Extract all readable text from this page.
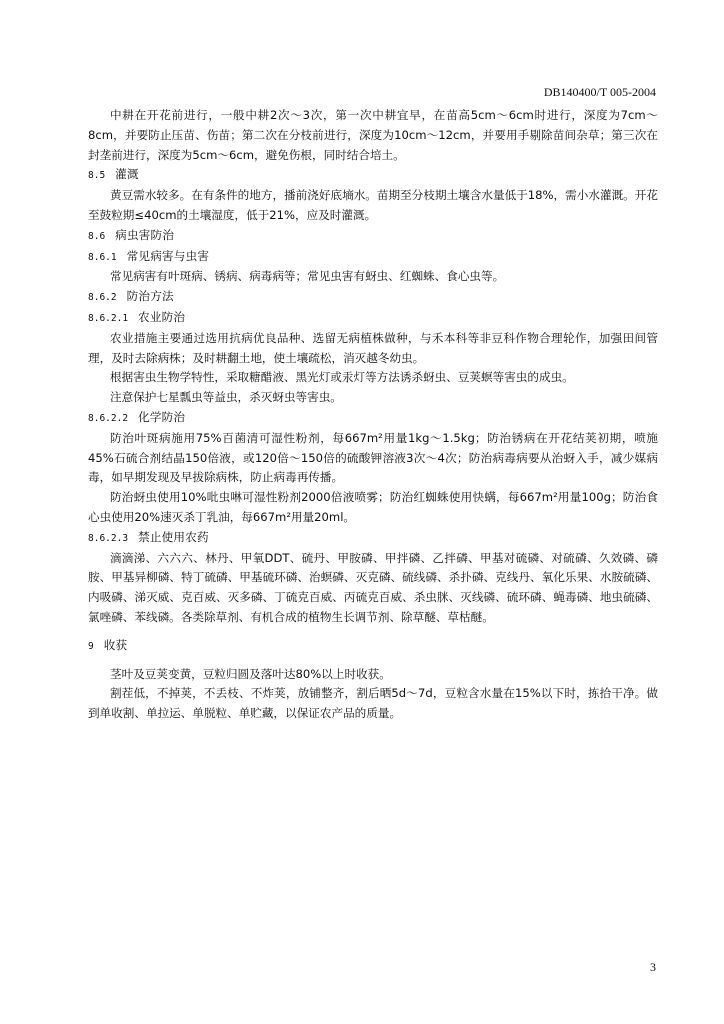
DB140400/T 005-2004

中耕在开花前进行，一般中耕2次～3次，第一次中耕宜早，在苗高5cm～6cm时进行，深度为7cm～8cm，并要防止压苗、伤苗；第二次在分枝前进行，深度为10cm～12cm，并要用手剔除苗间杂草；第三次在封垄前进行，深度为5cm～6cm，避免伤根，同时结合培土。

8.5 灌溉

黄豆需水较多。在有条件的地方，播前浇好底墒水。苗期至分枝期土壤含水量低于18%，需小水灌溉。开花至鼓粒期≤40cm的土壤湿度，低于21%，应及时灌溉。

8.6 病虫害防治
8.6.1 常见病害与虫害

常见病害有叶斑病、锈病、病毒病等；常见虫害有蚜虫、红蜘蛛、食心虫等。

8.6.2 防治方法
8.6.2.1 农业防治

农业措施主要通过选用抗病优良品种、选留无病植株做种，与禾本科等非豆科作物合理轮作，加强田间管理，及时去除病株；及时耕翻土地，使土壤疏松，消灭越冬幼虫。

根据害虫生物学特性，采取糖醋液、黑光灯或汞灯等方法诱杀蚜虫、豆荚螟等害虫的成虫。

注意保护七星瓢虫等益虫，杀灭蚜虫等害虫。

8.6.2.2 化学防治

防治叶斑病施用75%百菌清可湿性粉剂，每667m²用量1kg～1.5kg；防治锈病在开花结荚初期，喷施45%石硫合剂结晶150倍液，或120倍～150倍的硫酸钾溶液3次～4次；防治病毒病要从治蚜入手，减少媒病毒，如早期发现及早拔除病株，防止病毒再传播。

防治蚜虫使用10%吡虫啉可湿性粉剂2000倍液喷雾；防治红蜘蛛使用快螨，每667m²用量100g；防治食心虫使用20%速灭杀丁乳油，每667m²用量20ml。

8.6.2.3 禁止使用农药

滴滴涕、六六六、林丹、甲氧DDT、硫丹、甲胺磷、甲拌磷、乙拌磷、甲基对硫磷、对硫磷、久效磷、磷胺、甲基异柳磷、特丁硫磷、甲基硫环磷、治螟磷、灭克磷、硫线磷、杀扑磷、克线丹、氧化乐果、水胺硫磷、内吸磷、涕灭威、克百威、灭多磷、丁硫克百威、丙硫克百威、杀虫脒、灭线磷、硫环磷、蝇毒磷、地虫硫磷、氯唑磷、苯线磷。各类除草剂、有机合成的植物生长调节剂、除草醚、草枯醚。

9 收获

茎叶及豆荚变黄，豆粒归圆及落叶达80%以上时收获。

割茬低，不掉荚，不丢枝、不炸荚，放铺整齐，割后晒5d～7d，豆粒含水量在15%以下时，拣拾干净。做到单收割、单拉运、单脱粒、单贮藏，以保证农产品的质量。

3
